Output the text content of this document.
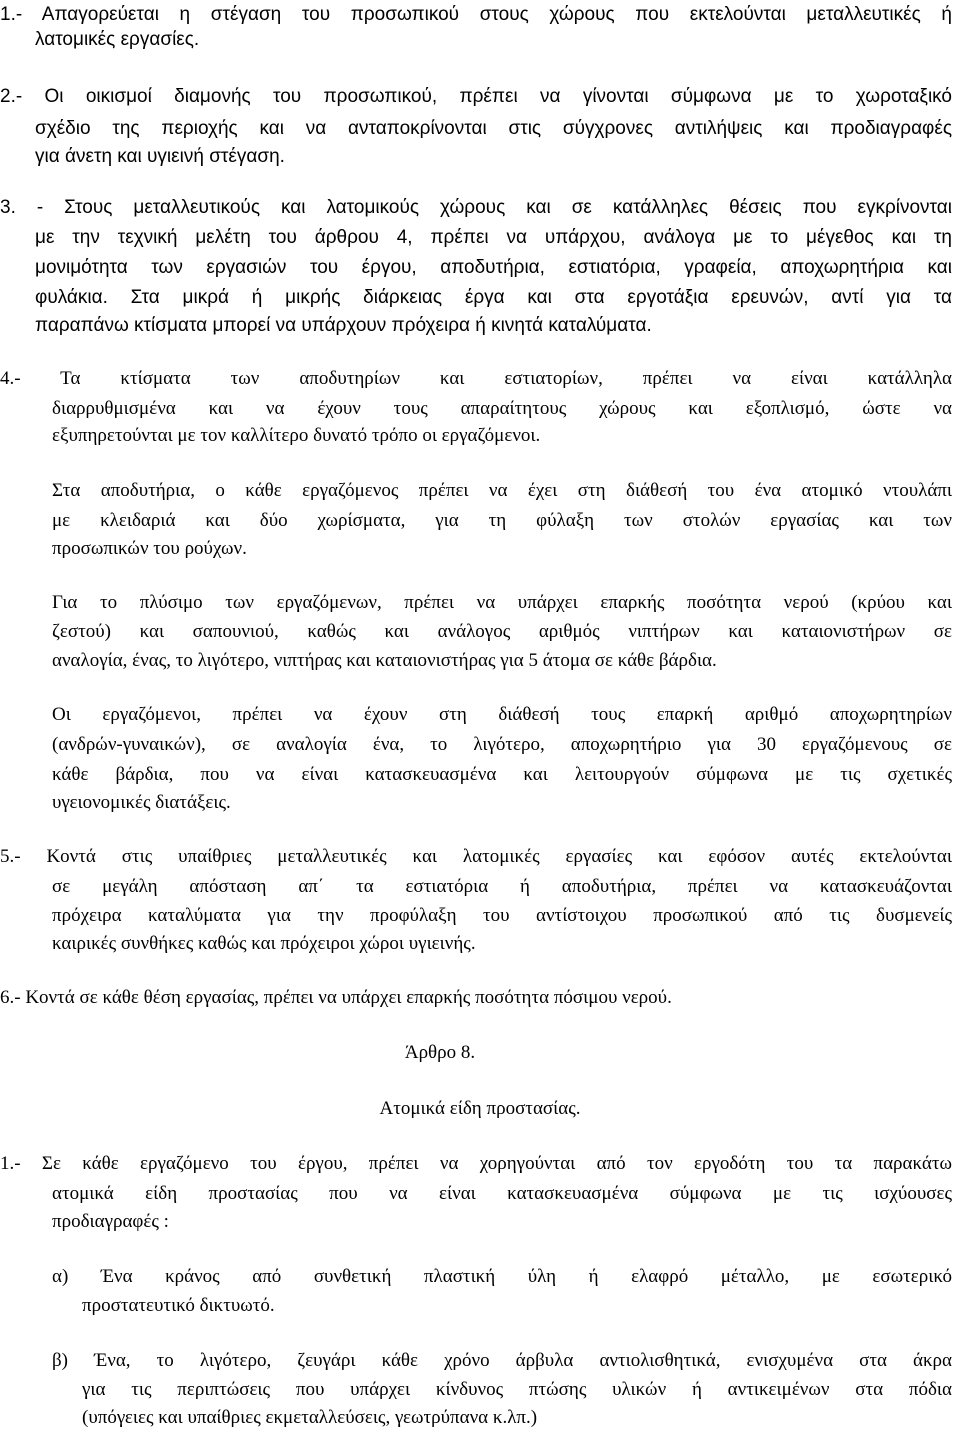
1.- Απαγορεύεται η στέγαση του προσωπικού στους χώρους που εκτελούνται μεταλλευτικές ή
λατομικές εργασίες.
2.- Οι οικισμοί διαμονής του προσωπικού, πρέπει να γίνονται σύμφωνα με το χωροταξικό
σχέδιο της περιοχής και να ανταποκρίνονται στις σύγχρονες αντιλήψεις και προδιαγραφές
για άνετη και υγιεινή στέγαση.
3. - Στους μεταλλευτικούς και λατομικούς χώρους και σε κατάλληλες θέσεις που εγκρίνονται
με την τεχνική μελέτη του άρθρου 4, πρέπει να υπάρχου, ανάλογα με το μέγεθος και τη
μονιμότητα των εργασιών του έργου, αποδυτήρια, εστιατόρια, γραφεία, αποχωρητήρια και
φυλάκια. Στα μικρά ή μικρής διάρκειας έργα και στα εργοτάξια ερευνών, αντί για τα
παραπάνω κτίσματα μπορεί να υπάρχουν πρόχειρα ή κινητά καταλύματα.
4.- Τα κτίσματα των αποδυτηρίων και εστιατορίων, πρέπει να είναι κατάλληλα
διαρρυθμισμένα και να έχουν τους απαραίτητους χώρους και εξοπλισμό, ώστε να
εξυπηρετούνται με τον καλλίτερο δυνατό τρόπο οι εργαζόμενοι.
Στα αποδυτήρια, ο κάθε εργαζόμενος πρέπει να έχει στη διάθεσή του ένα ατομικό ντουλάπι
με κλειδαριά και δύο χωρίσματα, για τη φύλαξη των στολών εργασίας και των
προσωπικών του ρούχων.
Για το πλύσιμο των εργαζόμενων, πρέπει να υπάρχει επαρκής ποσότητα νερού (κρύου και
ζεστού) και σαπουνιού, καθώς και ανάλογος αριθμός νιπτήρων και καταιονιστήρων σε
αναλογία, ένας, το λιγότερο, νιπτήρας και καταιονιστήρας για 5 άτομα σε κάθε βάρδια.
Οι εργαζόμενοι, πρέπει να έχουν στη διάθεσή τους επαρκή αριθμό αποχωρητηρίων
(ανδρών-γυναικών), σε αναλογία ένα, το λιγότερο, αποχωρητήριο για 30 εργαζόμενους σε
κάθε βάρδια, που να είναι κατασκευασμένα και λειτουργούν σύμφωνα με τις σχετικές
υγειονομικές διατάξεις.
5.- Κοντά στις υπαίθριες μεταλλευτικές και λατομικές εργασίες και εφόσον αυτές εκτελούνται
σε μεγάλη απόσταση απ΄ τα εστιατόρια ή αποδυτήρια, πρέπει να κατασκευάζονται
πρόχειρα καταλύματα για την προφύλαξη του αντίστοιχου προσωπικού από τις δυσμενείς
καιρικές συνθήκες καθώς και πρόχειροι χώροι υγιεινής.
6.- Κοντά σε κάθε θέση εργασίας, πρέπει να υπάρχει επαρκής ποσότητα πόσιμου νερού.
Άρθρο 8.
Ατομικά είδη προστασίας.
1.- Σε κάθε εργαζόμενο του έργου, πρέπει να χορηγούνται από τον εργοδότη του τα παρακάτω
ατομικά είδη προστασίας που να είναι κατασκευασμένα σύμφωνα με τις ισχύουσες
προδιαγραφές :
α) Ένα κράνος από συνθετική πλαστική ύλη ή ελαφρό μέταλλο, με εσωτερικό
προστατευτικό δικτυωτό.
β) Ένα, το λιγότερο, ζευγάρι κάθε χρόνο άρβυλα αντιολισθητικά, ενισχυμένα στα άκρα
για τις περιπτώσεις που υπάρχει κίνδυνος πτώσης υλικών ή αντικειμένων στα πόδια
(υπόγειες και υπαίθριες εκμεταλλεύσεις, γεωτρύπανα κ.λπ.)
